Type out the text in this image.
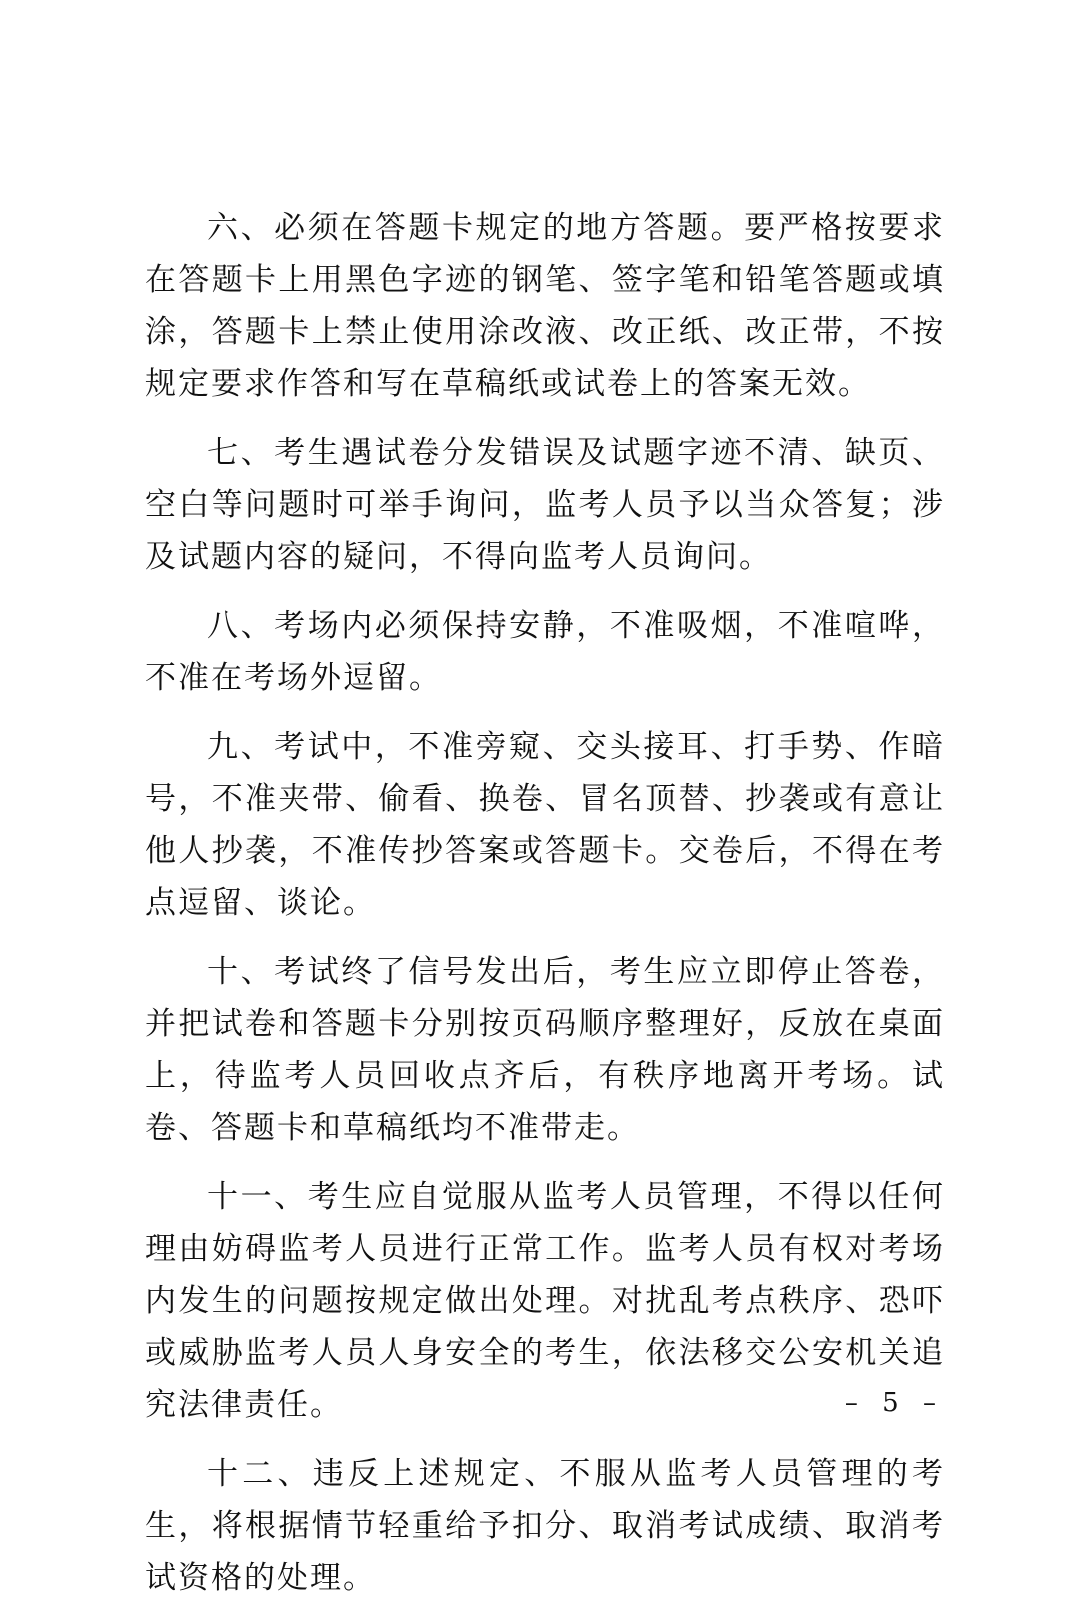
六、必须在答题卡规定的地方答题。要严格按要求在答题卡上用黑色字迹的钢笔、签字笔和铅笔答题或填涂，答题卡上禁止使用涂改液、改正纸、改正带，不按规定要求作答和写在草稿纸或试卷上的答案无效。

七、考生遇试卷分发错误及试题字迹不清、缺页、空白等问题时可举手询问，监考人员予以当众答复；涉及试题内容的疑问，不得向监考人员询问。

八、考场内必须保持安静，不准吸烟，不准喧哗，不准在考场外逗留。

九、考试中，不准旁窥、交头接耳、打手势、作暗号，不准夹带、偷看、换卷、冒名顶替、抄袭或有意让他人抄袭，不准传抄答案或答题卡。交卷后，不得在考点逗留、谈论。

十、考试终了信号发出后，考生应立即停止答卷，并把试卷和答题卡分别按页码顺序整理好，反放在桌面上，待监考人员回收点齐后，有秩序地离开考场。试卷、答题卡和草稿纸均不准带走。

十一、考生应自觉服从监考人员管理，不得以任何理由妨碍监考人员进行正常工作。监考人员有权对考场内发生的问题按规定做出处理。对扰乱考点秩序、恐吓或威胁监考人员人身安全的考生，依法移交公安机关追究法律责任。

十二、违反上述规定、不服从监考人员管理的考生，将根据情节轻重给予扣分、取消考试成绩、取消考试资格的处理。

– 5 –
